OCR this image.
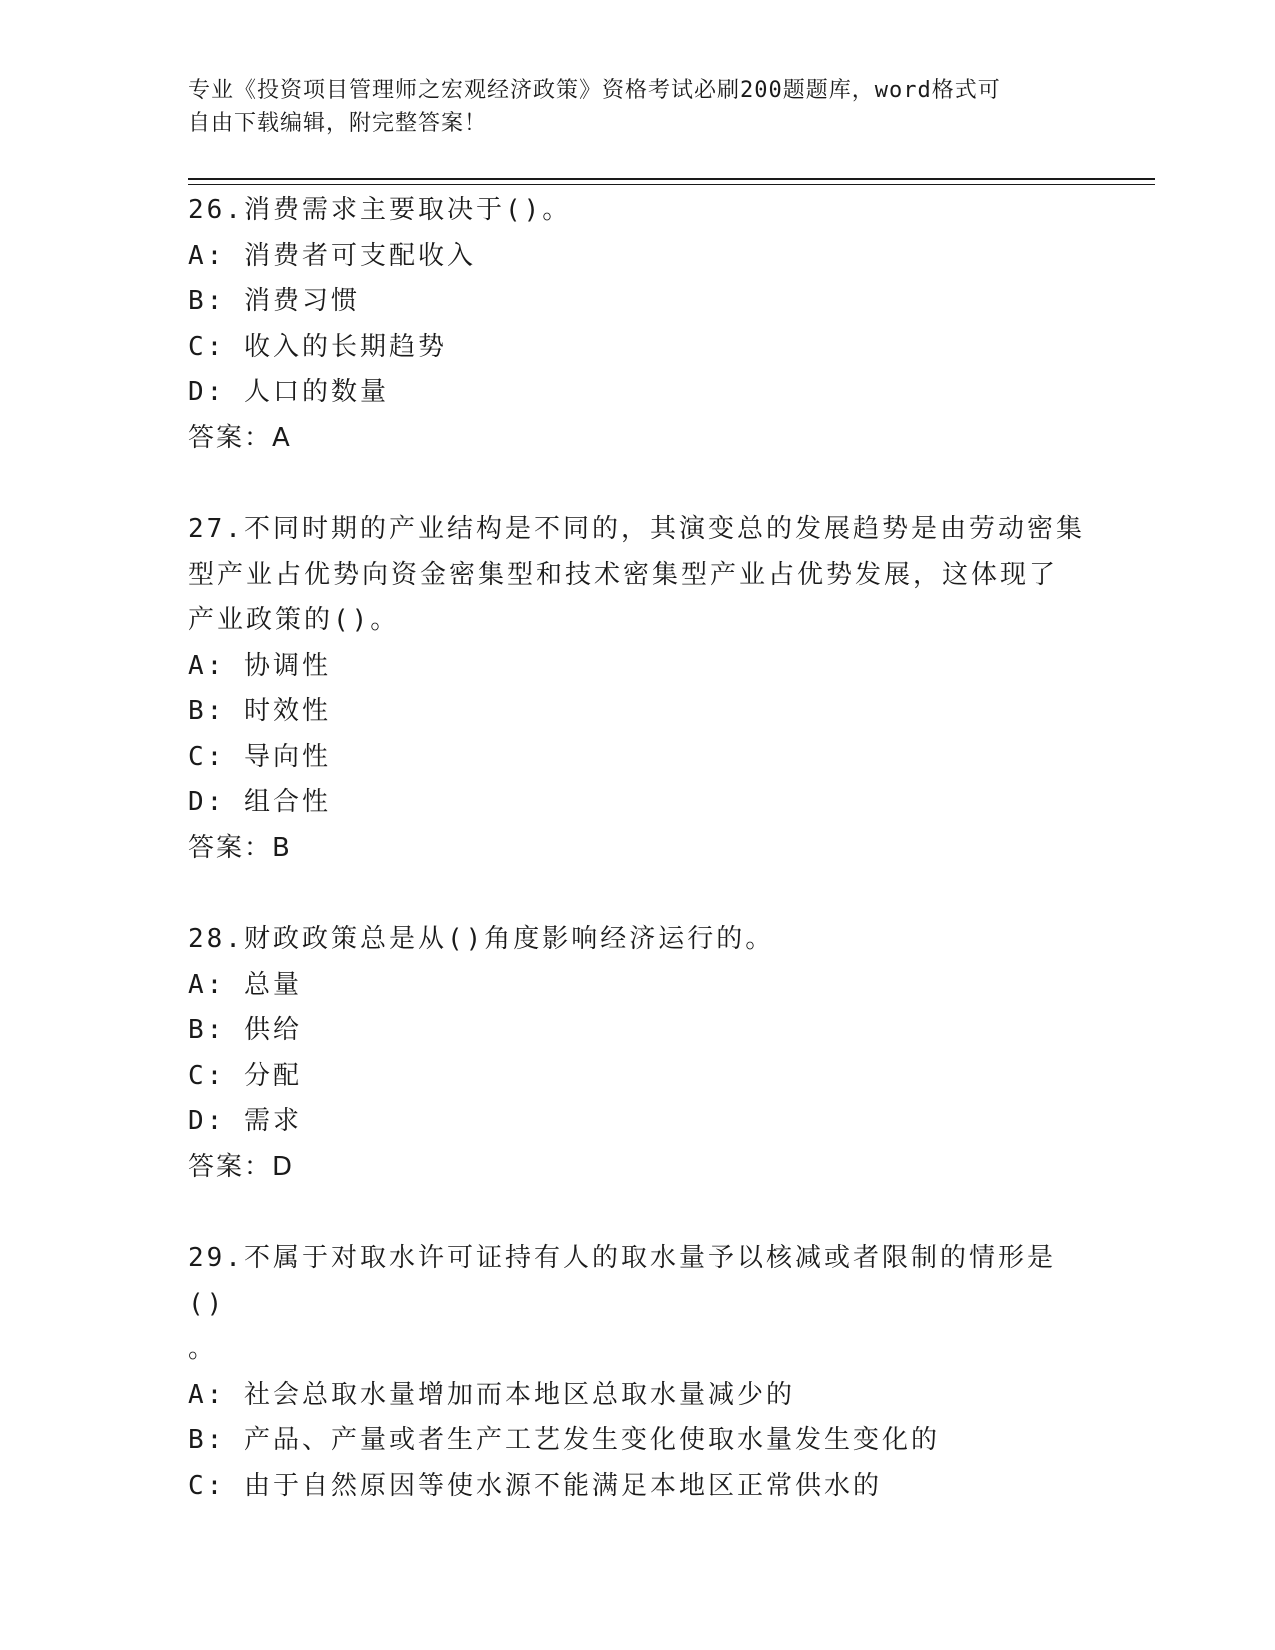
专业《投资项目管理师之宏观经济政策》资格考试必刷200题题库，word格式可
自由下载编辑，附完整答案！
26.消费需求主要取决于()。
A: 消费者可支配收入
B: 消费习惯
C: 收入的长期趋势
D: 人口的数量
答案：A
27.不同时期的产业结构是不同的，其演变总的发展趋势是由劳动密集
型产业占优势向资金密集型和技术密集型产业占优势发展，这体现了
产业政策的()。
A: 协调性
B: 时效性
C: 导向性
D: 组合性
答案：B
28.财政政策总是从()角度影响经济运行的。
A: 总量
B: 供给
C: 分配
D: 需求
答案：D
29.不属于对取水许可证持有人的取水量予以核减或者限制的情形是()
。
A: 社会总取水量增加而本地区总取水量减少的
B: 产品、产量或者生产工艺发生变化使取水量发生变化的
C: 由于自然原因等使水源不能满足本地区正常供水的
